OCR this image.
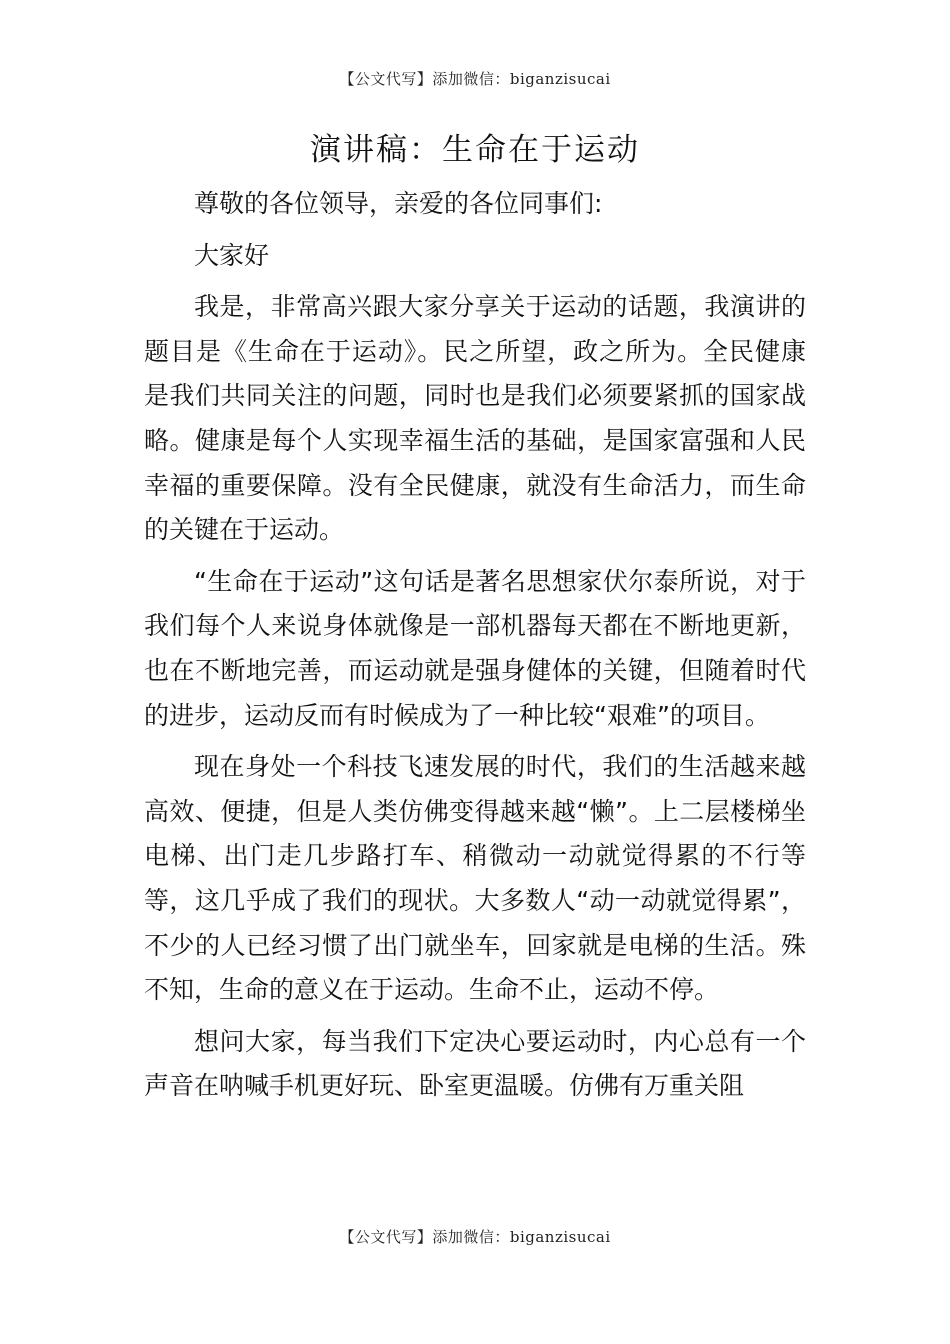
【公文代写】添加微信：biganzisucai
演讲稿：生命在于运动

尊敬的各位领导，亲爱的各位同事们:

大家好

我是，非常高兴跟大家分享关于运动的话题，我演讲的题目是《生命在于运动》。民之所望，政之所为。全民健康是我们共同关注的问题，同时也是我们必须要紧抓的国家战略。健康是每个人实现幸福生活的基础，是国家富强和人民幸福的重要保障。没有全民健康，就没有生命活力，而生命的关键在于运动。

“生命在于运动”这句话是著名思想家伏尔泰所说，对于我们每个人来说身体就像是一部机器每天都在不断地更新，也在不断地完善，而运动就是强身健体的关键，但随着时代的进步，运动反而有时候成为了一种比较“艰难”的项目。

现在身处一个科技飞速发展的时代，我们的生活越来越高效、便捷，但是人类仿佛变得越来越“懒”。上二层楼梯坐电梯、出门走几步路打车、稍微动一动就觉得累的不行等等，这几乎成了我们的现状。大多数人“动一动就觉得累”，不少的人已经习惯了出门就坐车，回家就是电梯的生活。殊不知，生命的意义在于运动。生命不止，运动不停。

想问大家，每当我们下定决心要运动时，内心总有一个声音在呐喊手机更好玩、卧室更温暖。仿佛有万重关阻

【公文代写】添加微信：biganzisucai
